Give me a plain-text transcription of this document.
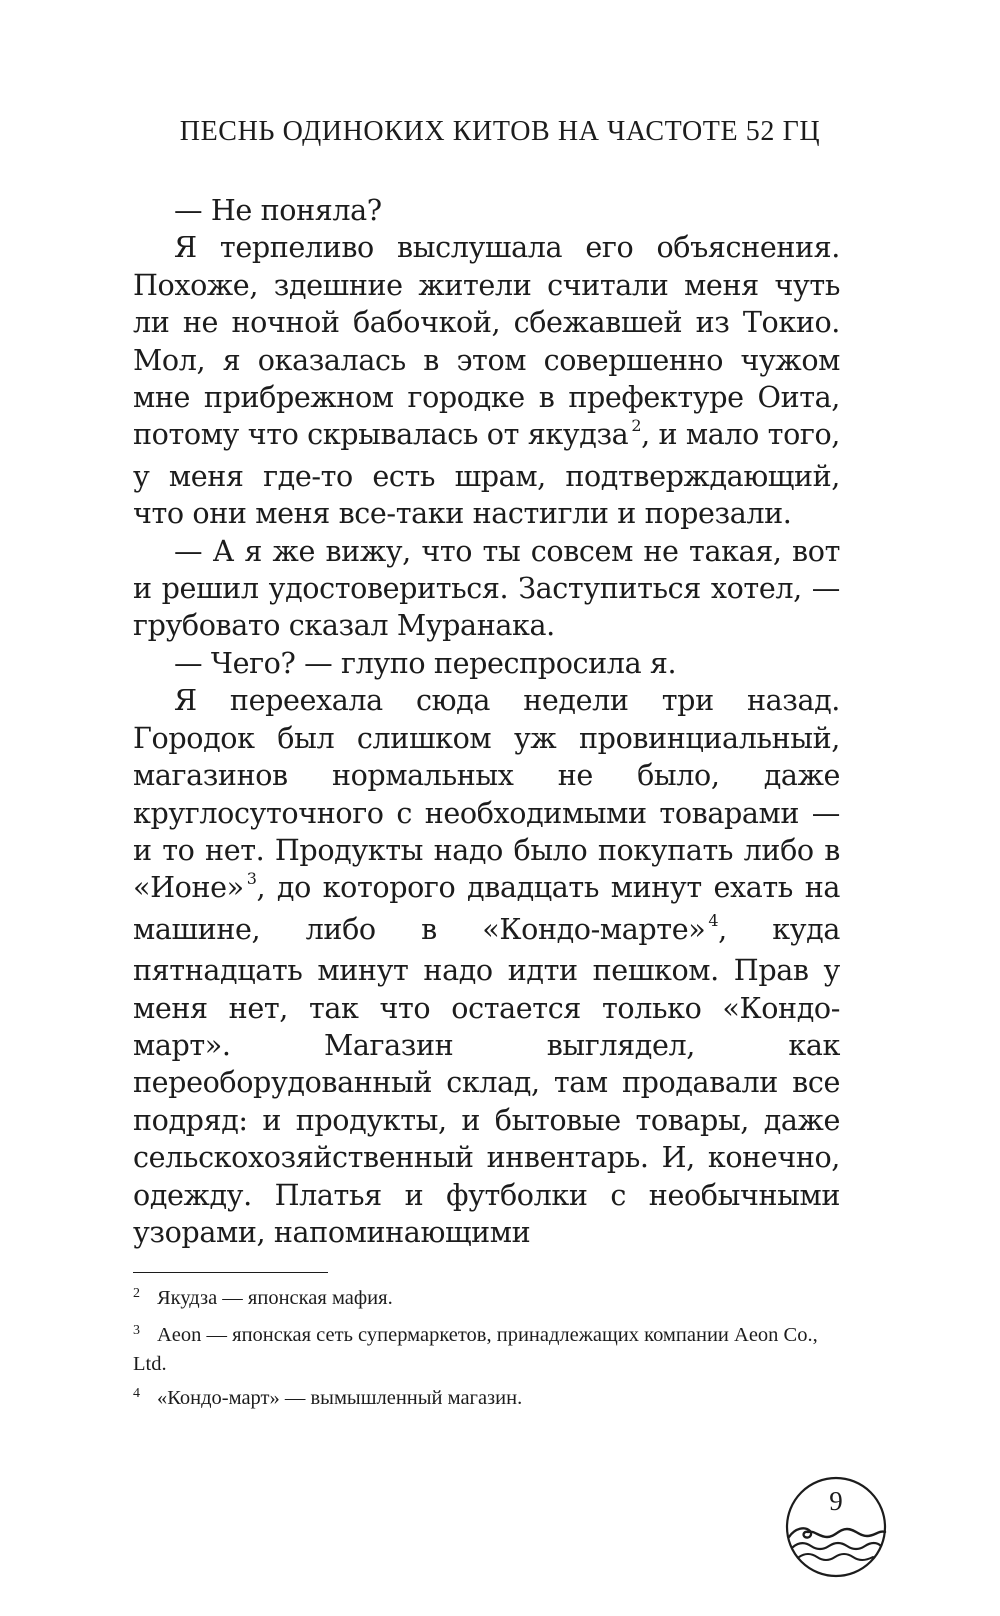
ПЕСНЬ ОДИНОКИХ КИТОВ НА ЧАСТОТЕ 52 ГЦ

— Не поняла?

Я терпеливо выслушала его объяснения. Похоже, здешние жители считали меня чуть ли не ночной бабочкой, сбежавшей из Токио. Мол, я оказалась в этом совершенно чужом мне прибрежном городке в префектуре Оита, потому что скрывалась от якудза $^2$, и мало того, у меня где-то есть шрам, подтверждающий, что они меня все-таки настигли и порезали.

— А я же вижу, что ты совсем не такая, вот и решил удостовериться. Заступиться хотел, — грубовато сказал Муранака.

— Чего? — глупо переспросила я.

Я переехала сюда недели три назад. Городок был слишком уж провинциальный, магазинов нормальных не было, даже круглосуточного с необходимыми товарами — и то нет. Продукты надо было покупать либо в «Ионе» $^3$, до которого двадцать минут ехать на машине, либо в «Кондо-марте» $^4$, куда пятнадцать минут надо идти пешком. Прав у меня нет, так что остается только «Кондо-март». Магазин выглядел, как переоборудованный склад, там продавали все подряд: и продукты, и бытовые товары, даже сельскохозяйственный инвентарь. И, конечно, одежду. Платья и футболки с необычными узорами, напоминающими

2 Якудза — японская мафия.
3 Aeon — японская сеть супермаркетов, принадлежащих компании Aeon Co., Ltd.
4 «Кондо-март» — вымышленный магазин.
9
